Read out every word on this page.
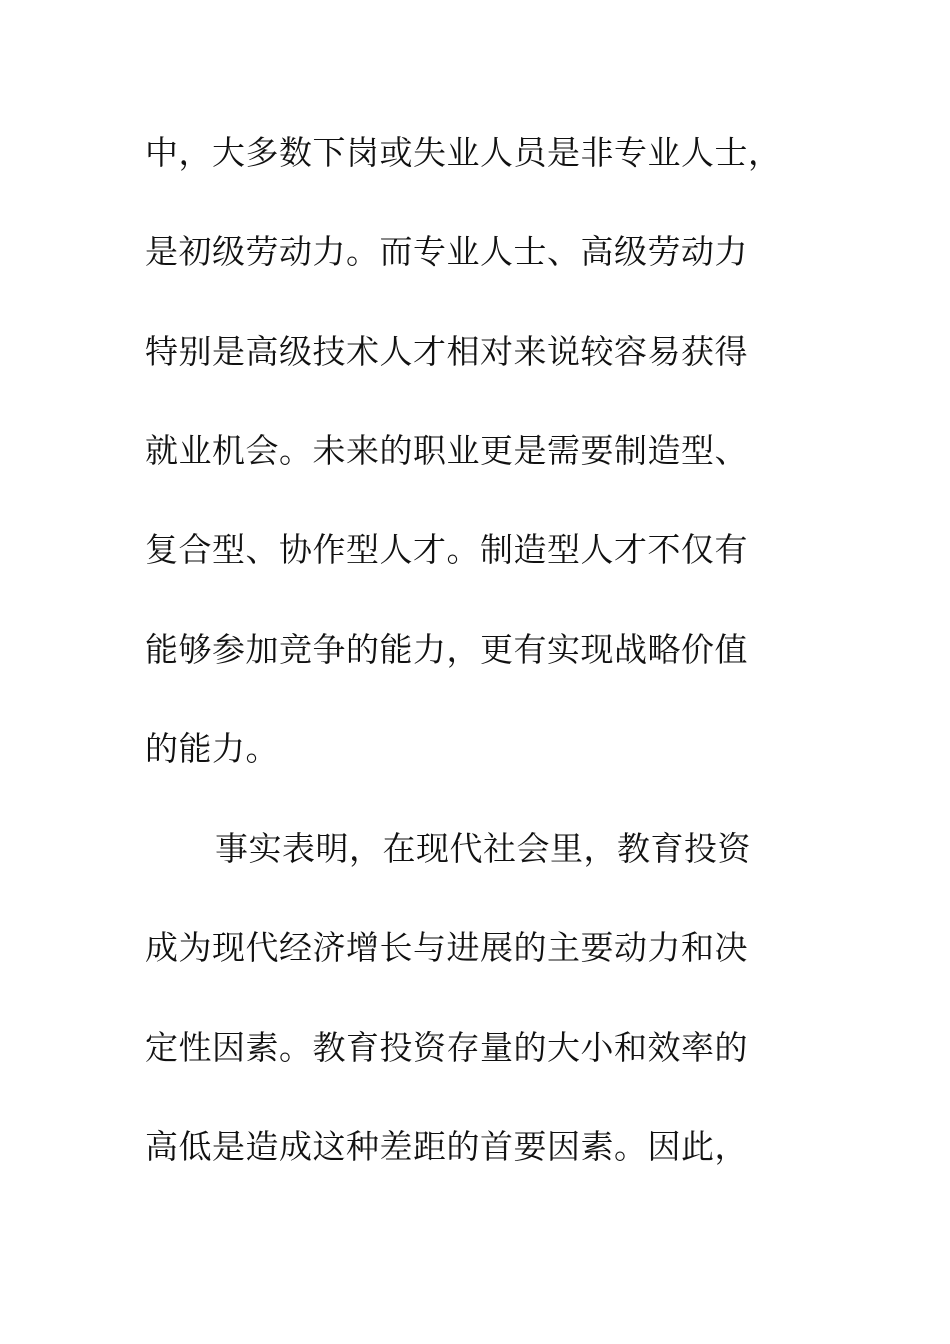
中，大多数下岗或失业人员是非专业人士，
是初级劳动力。而专业人士、高级劳动力
特别是高级技术人才相对来说较容易获得
就业机会。未来的职业更是需要制造型、
复合型、协作型人才。制造型人才不仅有
能够参加竞争的能力，更有实现战略价值
的能力。
事实表明，在现代社会里，教育投资
成为现代经济增长与进展的主要动力和决
定性因素。教育投资存量的大小和效率的
高低是造成这种差距的首要因素。因此，
